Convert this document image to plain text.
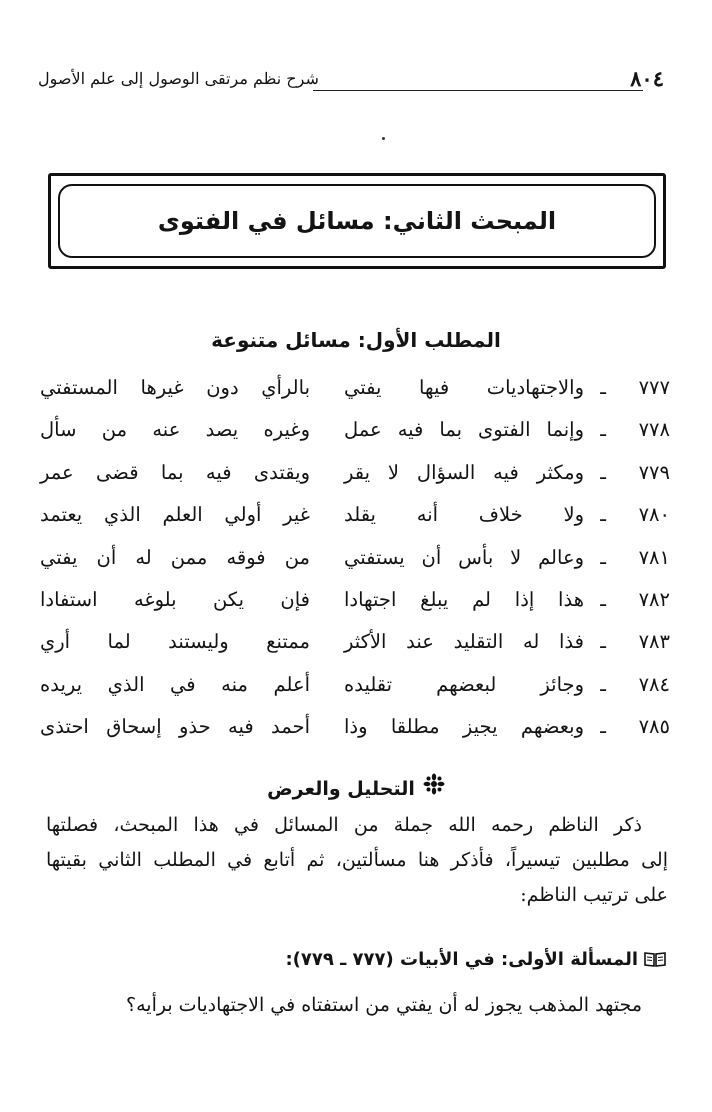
٨٠٤
شرح نظم مرتقى الوصول إلى علم الأصول
المبحث الثاني: مسائل في الفتوى
المطلب الأول: مسائل متنوعة
٧٧٧
ـ
والاجتهاديات فيها يفتي
بالرأي دون غيرها المستفتي
٧٧٨
ـ
وإنما الفتوى بما فيه عمل
وغيره يصد عنه من سأل
٧٧٩
ـ
ومكثر فيه السؤال لا يقر
ويقتدى فيه بما قضى عمر
٧٨٠
ـ
ولا خلاف أنه يقلد
غير أولي العلم الذي يعتمد
٧٨١
ـ
وعالم لا بأس أن يستفتي
من فوقه ممن له أن يفتي
٧٨٢
ـ
هذا إذا لم يبلغ اجتهادا
فإن يكن بلوغه استفادا
٧٨٣
ـ
فذا له التقليد عند الأكثر
ممتنع وليستند لما أري
٧٨٤
ـ
وجائز لبعضهم تقليده
أعلم منه في الذي يريده
٧٨٥
ـ
وبعضهم يجيز مطلقا وذا
أحمد فيه حذو إسحاق احتذى
التحليل والعرض
ذكر الناظم رحمه الله جملة من المسائل في هذا المبحث، فصلتها
إلى مطلبين تيسيراً، فأذكر هنا مسألتين، ثم أتابع في المطلب الثاني بقيتها
على ترتيب الناظم:
المسألة الأولى: في الأبيات (٧٧٧ ـ ٧٧٩):
مجتهد المذهب يجوز له أن يفتي من استفتاه في الاجتهاديات برأيه؟
